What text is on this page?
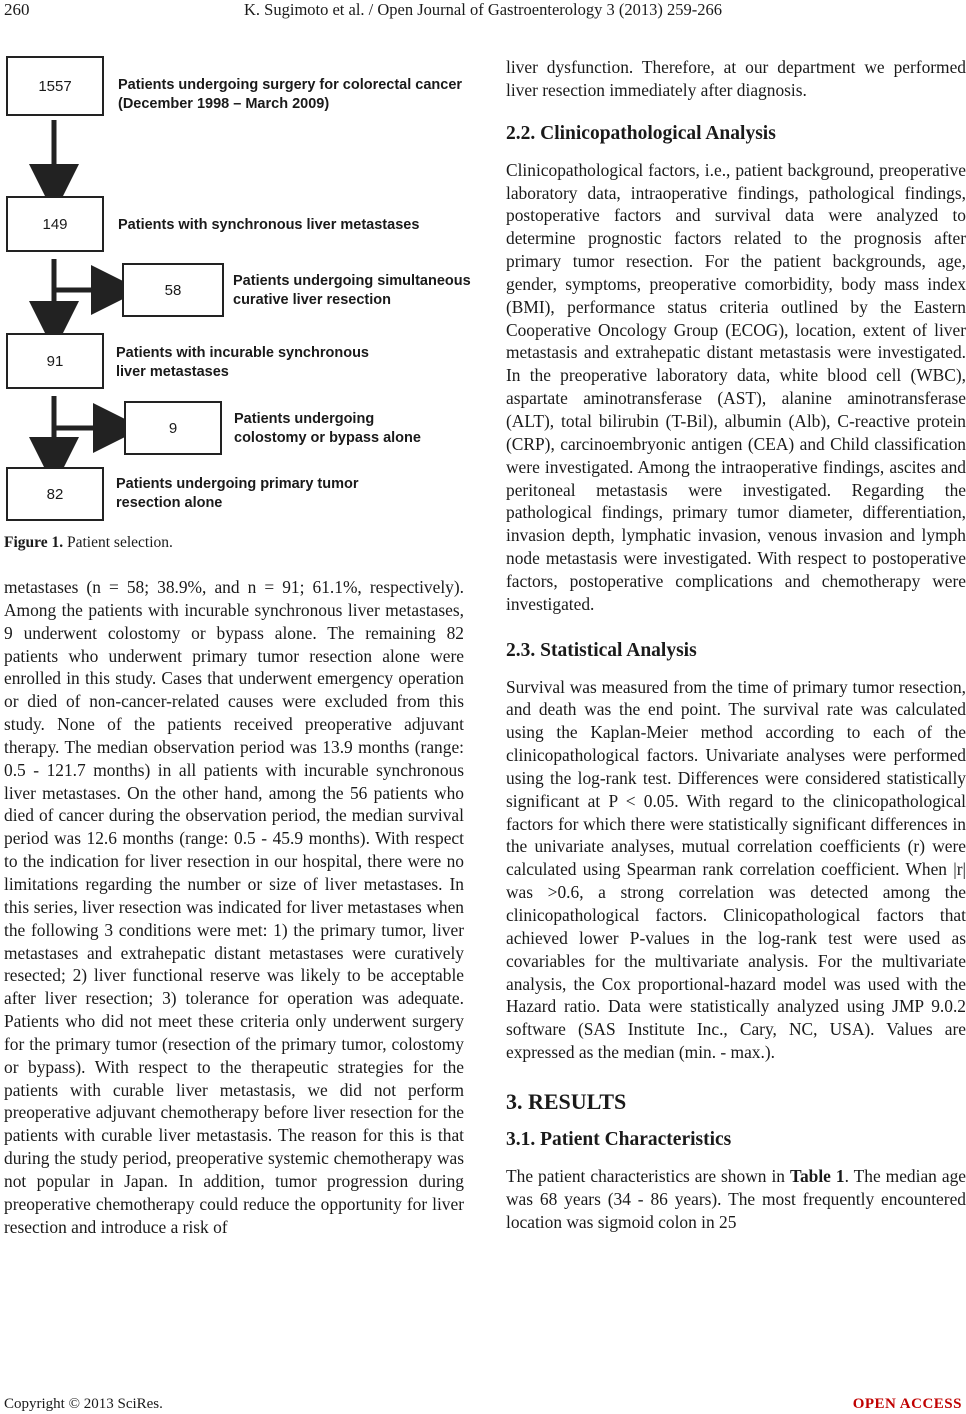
260	K. Sugimoto et al. / Open Journal of Gastroenterology 3 (2013) 259-266
1557	Patients undergoing surgery for colorectal cancer
(December 1998 – March 2009)
149	Patients with synchronous liver metastases
58
Patients undergoing simultaneous
curative liver resection
91	Patients with incurable synchronous
liver metastases
9
Patients undergoing
colostomy or bypass alone
82
Patients undergoing primary tumor
resection alone
Figure 1. Patient selection.

metastases (n = 58; 38.9%, and n = 91; 61.1%, respectively). Among the patients with incurable synchronous liver metastases, 9 underwent colostomy or bypass alone. The remaining 82 patients who underwent primary tumor resection alone were enrolled in this study. Cases that underwent emergency operation or died of non-cancer-related causes were excluded from this study. None of the patients received preoperative adjuvant therapy. The median observation period was 13.9 months (range: 0.5 - 121.7 months) in all patients with incurable synchronous liver metastases. On the other hand, among the 56 patients who died of cancer during the observation period, the median survival period was 12.6 months (range: 0.5 - 45.9 months). With respect to the indication for liver resection in our hospital, there were no limitations regarding the number or size of liver metastases. In this series, liver resection was indicated for liver metastases when the following 3 conditions were met: 1) the primary tumor, liver metastases and extrahepatic distant metastases were curatively resected; 2) liver functional reserve was likely to be acceptable after liver resection; 3) tolerance for operation was adequate. Patients who did not meet these criteria only underwent surgery for the primary tumor (resection of the primary tumor, colostomy or bypass). With respect to the therapeutic strategies for the patients with curable liver metastasis, we did not perform preoperative adjuvant chemotherapy before liver resection for the patients with curable liver metastasis. The reason for this is that during the study period, preoperative systemic chemotherapy was not popular in Japan. In addition, tumor progression during preoperative chemotherapy could reduce the opportunity for liver resection and introduce a risk of

liver dysfunction. Therefore, at our department we performed liver resection immediately after diagnosis.

2.2. Clinicopathological Analysis

Clinicopathological factors, i.e., patient background, preoperative laboratory data, intraoperative findings, pathological findings, postoperative factors and survival data were analyzed to determine prognostic factors related to the prognosis after primary tumor resection. For the patient backgrounds, age, gender, symptoms, preoperative comorbidity, body mass index (BMI), performance status criteria outlined by the Eastern Cooperative Oncology Group (ECOG), location, extent of liver metastasis and extrahepatic distant metastasis were investigated. In the preoperative laboratory data, white blood cell (WBC), aspartate aminotransferase (AST), alanine aminotransferase (ALT), total bilirubin (T-Bil), albumin (Alb), C-reactive protein (CRP), carcinoembryonic antigen (CEA) and Child classification were investigated. Among the intraoperative findings, ascites and peritoneal metastasis were investigated. Regarding the pathological findings, primary tumor diameter, differentiation, invasion depth, lymphatic invasion, venous invasion and lymph node metastasis were investigated. With respect to postoperative factors, postoperative complications and chemotherapy were investigated.

2.3. Statistical Analysis

Survival was measured from the time of primary tumor resection, and death was the end point. The survival rate was calculated using the Kaplan-Meier method according to each of the clinicopathological factors. Univariate analyses were performed using the log-rank test. Differences were considered statistically significant at P < 0.05. With regard to the clinicopathological factors for which there were statistically significant differences in the univariate analyses, mutual correlation coefficients (r) were calculated using Spearman rank correlation coefficient. When |r| was >0.6, a strong correlation was detected among the clinicopathological factors. Clinicopathological factors that achieved lower P-values in the log-rank test were used as covariables for the multivariate analysis. For the multivariate analysis, the Cox proportional-hazard model was used with the Hazard ratio. Data were statistically analyzed using JMP 9.0.2 software (SAS Institute Inc., Cary, NC, USA). Values are expressed as the median (min. - max.).

3. RESULTS
3.1. Patient Characteristics

The patient characteristics are shown in Table 1. The median age was 68 years (34 - 86 years). The most frequently encountered location was sigmoid colon in 25

Copyright © 2013 SciRes.	OPEN ACCESS
